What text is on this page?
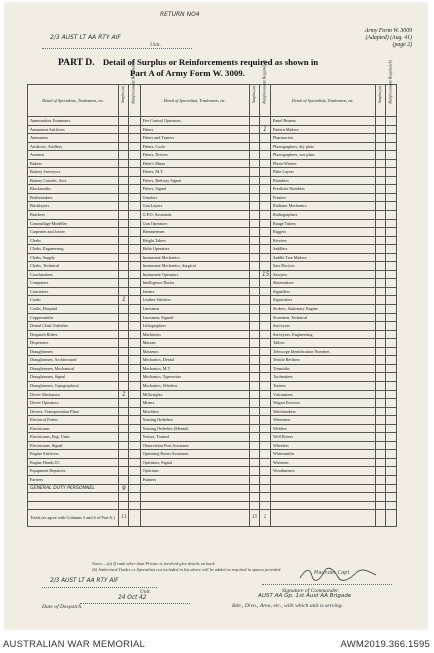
RETURN NO4
2/3 AUST LT AA RTY AIF
Unit.
Army Form W. 3009
(Adapted) (Aug. 41)
(page 2)
PART D. Detail of Surplus or Reinforcements required as shown in
Part A of Army Form W. 3009.
Detail of Specialists, Tradesmen, etc.	Surplus (a)		Detail of Specialists, Tradesmen, etc.	Surplus (a)		Detail of Specialists, Tradesmen, etc.	Surplus (a)

Ammunition Examiners			Fire Control Operators			Panel Beaters		
Armament Artificers			Fitters		1	Pattern Makers		
Armourers			Fitters and Turners			Pharmacists		
Artificers, Artillery			Fitters, Cycle			Photographers, dry plate		
Axemen			Fitters, Drivers			Photographers, wet plate		
Bakers			Fitter's Mates			Photo-Writers		
Battery Surveyors			Fitters, M.T.			Plate Layers		
Battery Comdrs. Asst.			Fitters, Railway Signal			Plumbers		
Blacksmiths			Fitters, Signal			Predictor Numbers		
Boilermakers			Grinders			Printers		
Bricklayers			Gun Layers			Radiator Mechanics		
Butchers			G.P.O. Assistants			Radiographers		
Camouflage Modeller			Gun Operators			Range Takers		
Carpenter and Joiner			Hammermen			Riggers		
Clerks			Height Takers			Riveters		
Clerks, Engineering			Helio Operators			Saddlers		
Clerks, Supply			Instrument Mechanics			Saddle Tree Makers		
Clerks, Technical			Instrument Mechanics, Surgical			Saw Doctors		
Coachmakers			Instrument Operators		15	Sawyers		
Computers			Intelligence Duties			Shoemakers		
Concretors			Joiners			Signallers		
Cooks	1		Leather Stitchers			Signwriters		
Cooks, Hospital			Linesmen			Stokers, Stationary Engine		
Coppersmiths			Linesmen, Signals			Storemen, Technical		
Dental Clerk Orderlies			Lithographers			Surveyors		
Despatch Riders			Machinists			Surveyors, Engineering		
Dispensers			Masons			Tailors		
Draughtsmen			Masseurs			Telescope Identification Numbers		
Draughtsmen, Architectural			Mechanics, Dental			Textile Refitters		
Draughtsmen, Mechanical			Mechanics, M.T.			Tinsmiths		
Draughtsmen, Signal			Mechanics, Typewriter			Toolmakers		
Draughtsmen, Topographical			Mechanics, Wireless			Turners		
Driver Mechanics	1		Millwrights			Vulcanizers		
Driver Operators			Miners			Wagon Erectors		
Drivers, Transportation Plant			Moulders			Watchmakers		
Electrical Fitters			Nursing Orderlies			Watermen		
Electricians			Nursing Orderlies (Mental)			Welders		
Electricians, Eng. Units			Nurses, Trained			Well Borers		
Electricians, Signal			Observation Post Assistants			Wheelers		
Engine Artificers			Operating Room Assistants			Whitesmiths		
Engine Hands I/C			Operators, Signal			Wiremen		
Equipment Repairers			Opticians			Woodturners		
Farriers			Painters					
GENERAL DUTY PERSONNEL	9							

Totals (to agree with Columns 3 and 4 of Part A.)	11	-		15	1			
Notes.—(a) If rank other than Private is involved give details on back.
(b) Authorised Trades or Specialists not included in list above will be added as required in spaces provided.
Maunder Capt.
Signature of Commander.
2/3 AUST LT AA RTY AIF
Unit.
24 Oct 42
Date of Despatch.
AUST AA Gp. 1st Aust AA Brigade
Bde., Divn., Area, etc., with which unit is serving.
AUSTRALIAN WAR MEMORIAL	AWM2019.366.1595
